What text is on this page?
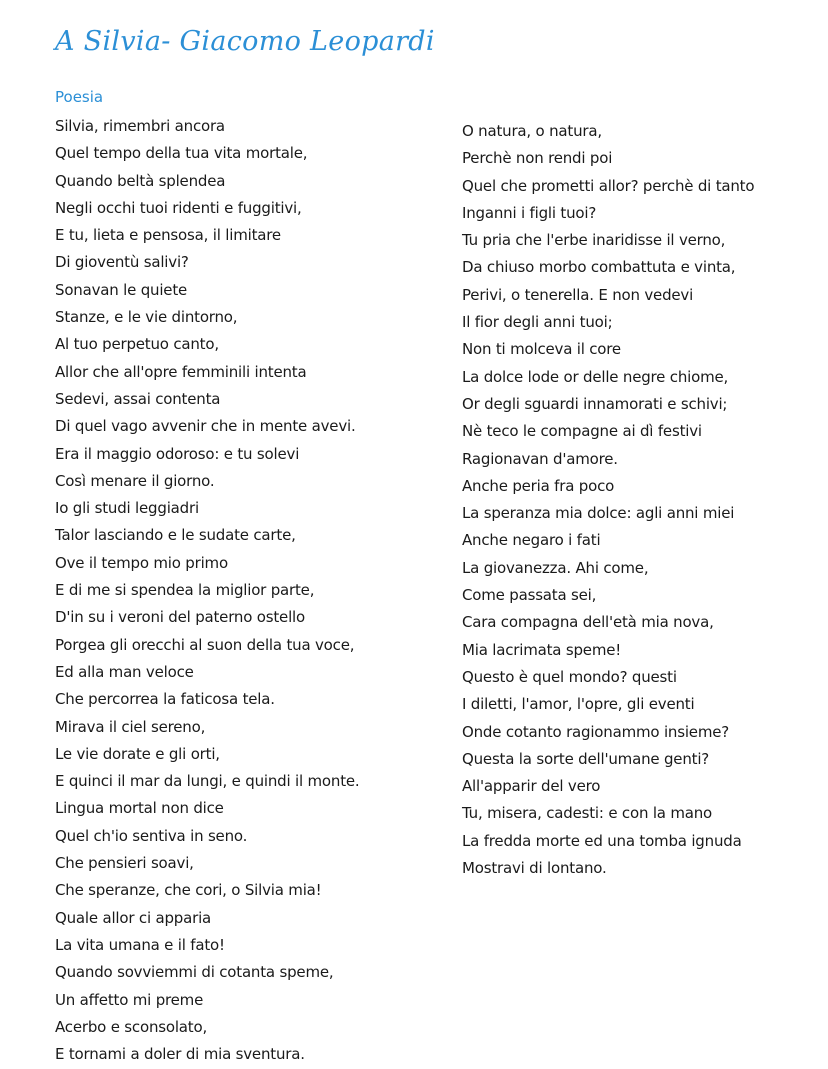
A Silvia- Giacomo Leopardi
Poesia
Silvia, rimembri ancora
Quel tempo della tua vita mortale,
Quando beltà splendea
Negli occhi tuoi ridenti e fuggitivi,
E tu, lieta e pensosa, il limitare
Di gioventù salivi?
Sonavan le quiete
Stanze, e le vie dintorno,
Al tuo perpetuo canto,
Allor che all'opre femminili intenta
Sedevi, assai contenta
Di quel vago avvenir che in mente avevi.
Era il maggio odoroso: e tu solevi
Così menare il giorno.
Io gli studi leggiadri
Talor lasciando e le sudate carte,
Ove il tempo mio primo
E di me si spendea la miglior parte,
D'in su i veroni del paterno ostello
Porgea gli orecchi al suon della tua voce,
Ed alla man veloce
Che percorrea la faticosa tela.
Mirava il ciel sereno,
Le vie dorate e gli orti,
E quinci il mar da lungi, e quindi il monte.
Lingua mortal non dice
Quel ch'io sentiva in seno.
Che pensieri soavi,
Che speranze, che cori, o Silvia mia!
Quale allor ci apparia
La vita umana e il fato!
Quando sovviemmi di cotanta speme,
Un affetto mi preme
Acerbo e sconsolato,
E tornami a doler di mia sventura.
O natura, o natura,
Perchè non rendi poi
Quel che prometti allor? perchè di tanto
Inganni i figli tuoi?
Tu pria che l'erbe inaridisse il verno,
Da chiuso morbo combattuta e vinta,
Perivi, o tenerella. E non vedevi
Il fior degli anni tuoi;
Non ti molceva il core
La dolce lode or delle negre chiome,
Or degli sguardi innamorati e schivi;
Nè teco le compagne ai dì festivi
Ragionavan d'amore.
Anche peria fra poco
La speranza mia dolce: agli anni miei
Anche negaro i fati
La giovanezza. Ahi come,
Come passata sei,
Cara compagna dell'età mia nova,
Mia lacrimata speme!
Questo è quel mondo? questi
I diletti, l'amor, l'opre, gli eventi
Onde cotanto ragionammo insieme?
Questa la sorte dell'umane genti?
All'apparir del vero
Tu, misera, cadesti: e con la mano
La fredda morte ed una tomba ignuda
Mostravi di lontano.
